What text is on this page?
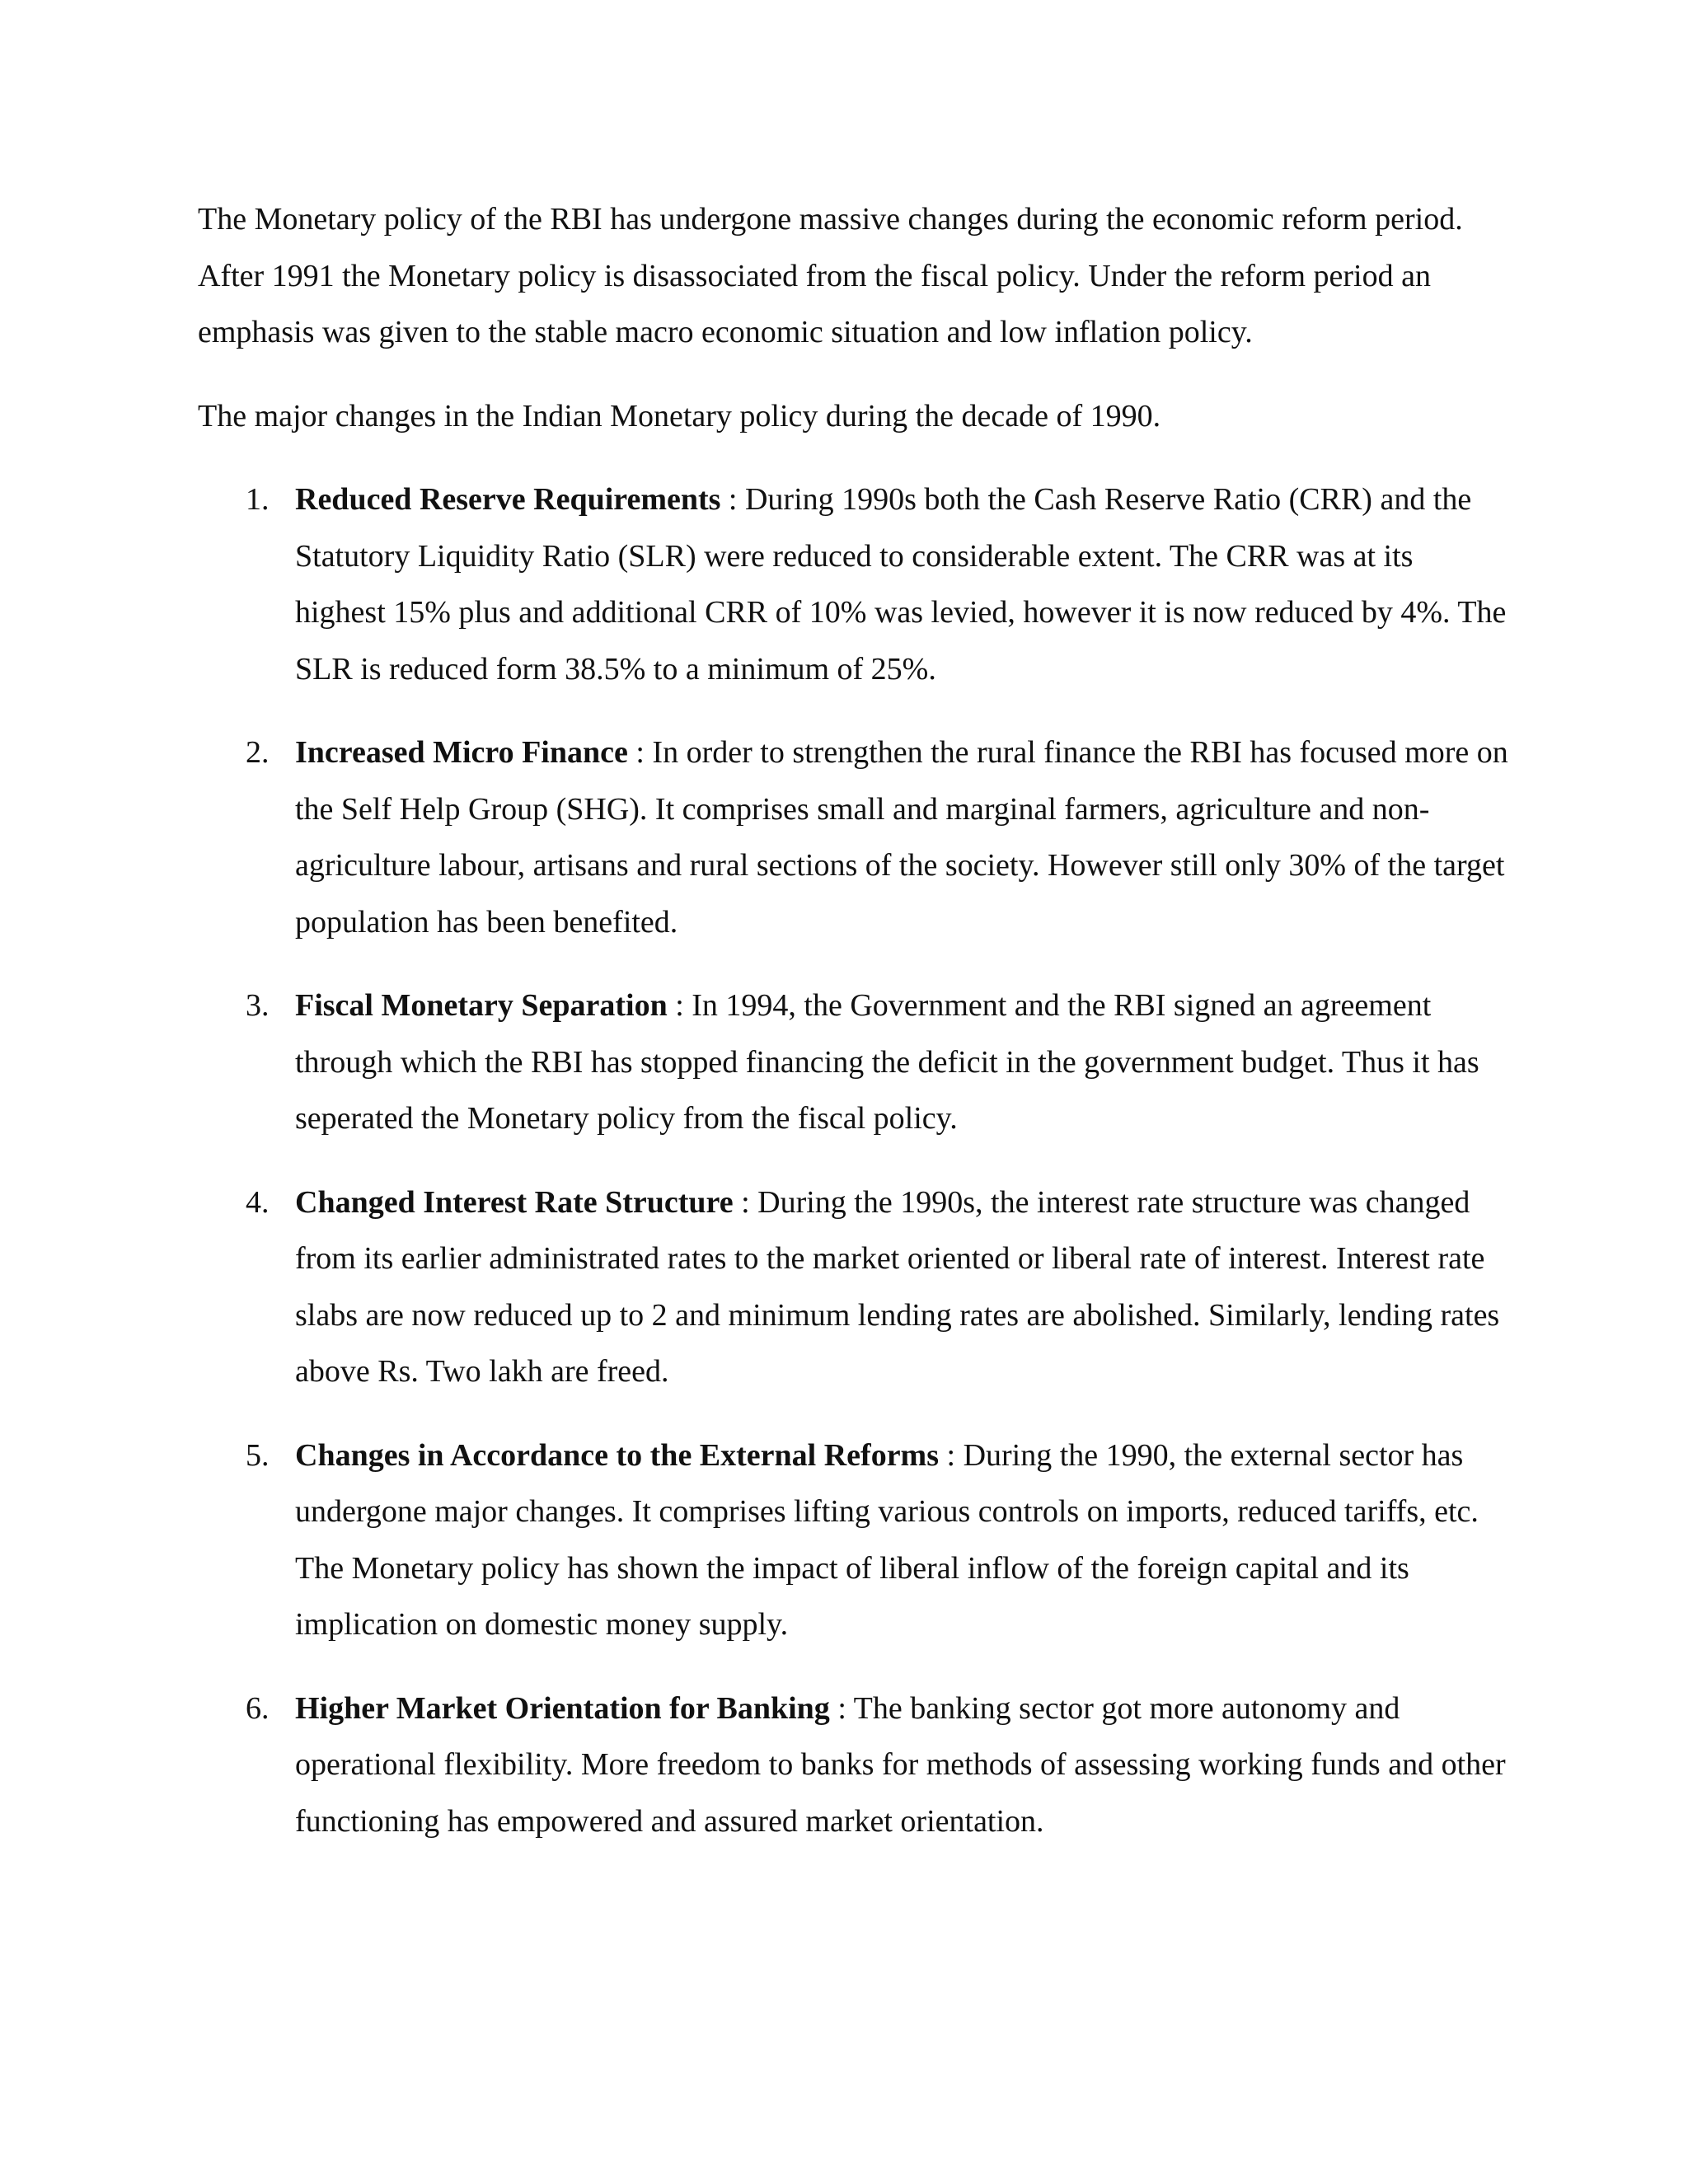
The Monetary policy of the RBI has undergone massive changes during the economic reform period. After 1991 the Monetary policy is disassociated from the fiscal policy. Under the reform period an emphasis was given to the stable macro economic situation and low inflation policy.

The major changes in the Indian Monetary policy during the decade of 1990.

1. Reduced Reserve Requirements : During 1990s both the Cash Reserve Ratio (CRR) and the Statutory Liquidity Ratio (SLR) were reduced to considerable extent. The CRR was at its highest 15% plus and additional CRR of 10% was levied, however it is now reduced by 4%. The SLR is reduced form 38.5% to a minimum of 25%.
2. Increased Micro Finance : In order to strengthen the rural finance the RBI has focused more on the Self Help Group (SHG). It comprises small and marginal farmers, agriculture and non-agriculture labour, artisans and rural sections of the society. However still only 30% of the target population has been benefited.
3. Fiscal Monetary Separation : In 1994, the Government and the RBI signed an agreement through which the RBI has stopped financing the deficit in the government budget. Thus it has seperated the Monetary policy from the fiscal policy.
4. Changed Interest Rate Structure : During the 1990s, the interest rate structure was changed from its earlier administrated rates to the market oriented or liberal rate of interest. Interest rate slabs are now reduced up to 2 and minimum lending rates are abolished. Similarly, lending rates above Rs. Two lakh are freed.
5. Changes in Accordance to the External Reforms : During the 1990, the external sector has undergone major changes. It comprises lifting various controls on imports, reduced tariffs, etc. The Monetary policy has shown the impact of liberal inflow of the foreign capital and its implication on domestic money supply.
6. Higher Market Orientation for Banking : The banking sector got more autonomy and operational flexibility. More freedom to banks for methods of assessing working funds and other functioning has empowered and assured market orientation.
